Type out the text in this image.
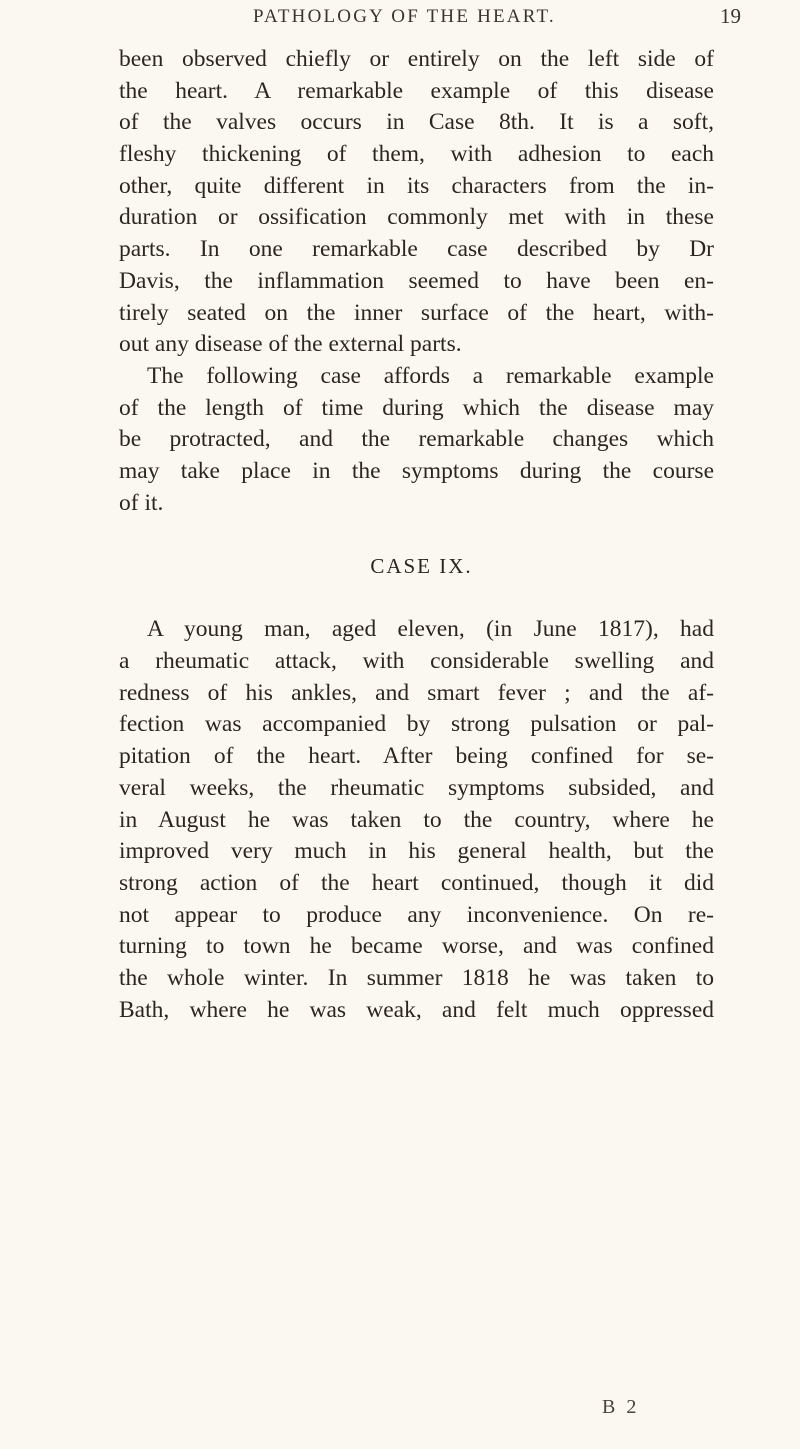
PATHOLOGY OF THE HEART.	19
been observed chiefly or entirely on the left side of
the heart. A remarkable example of this disease
of the valves occurs in Case 8th. It is a soft,
fleshy thickening of them, with adhesion to each
other, quite different in its characters from the in-
duration or ossification commonly met with in these
parts. In one remarkable case described by Dr
Davis, the inflammation seemed to have been en-
tirely seated on the inner surface of the heart, with-
out any disease of the external parts.
The following case affords a remarkable example
of the length of time during which the disease may
be protracted, and the remarkable changes which
may take place in the symptoms during the course
of it.
CASE IX.
A young man, aged eleven, (in June 1817), had
a rheumatic attack, with considerable swelling and
redness of his ankles, and smart fever ; and the af-
fection was accompanied by strong pulsation or pal-
pitation of the heart. After being confined for se-
veral weeks, the rheumatic symptoms subsided, and
in August he was taken to the country, where he
improved very much in his general health, but the
strong action of the heart continued, though it did
not appear to produce any inconvenience. On re-
turning to town he became worse, and was confined
the whole winter. In summer 1818 he was taken to
Bath, where he was weak, and felt much oppressed
B 2
